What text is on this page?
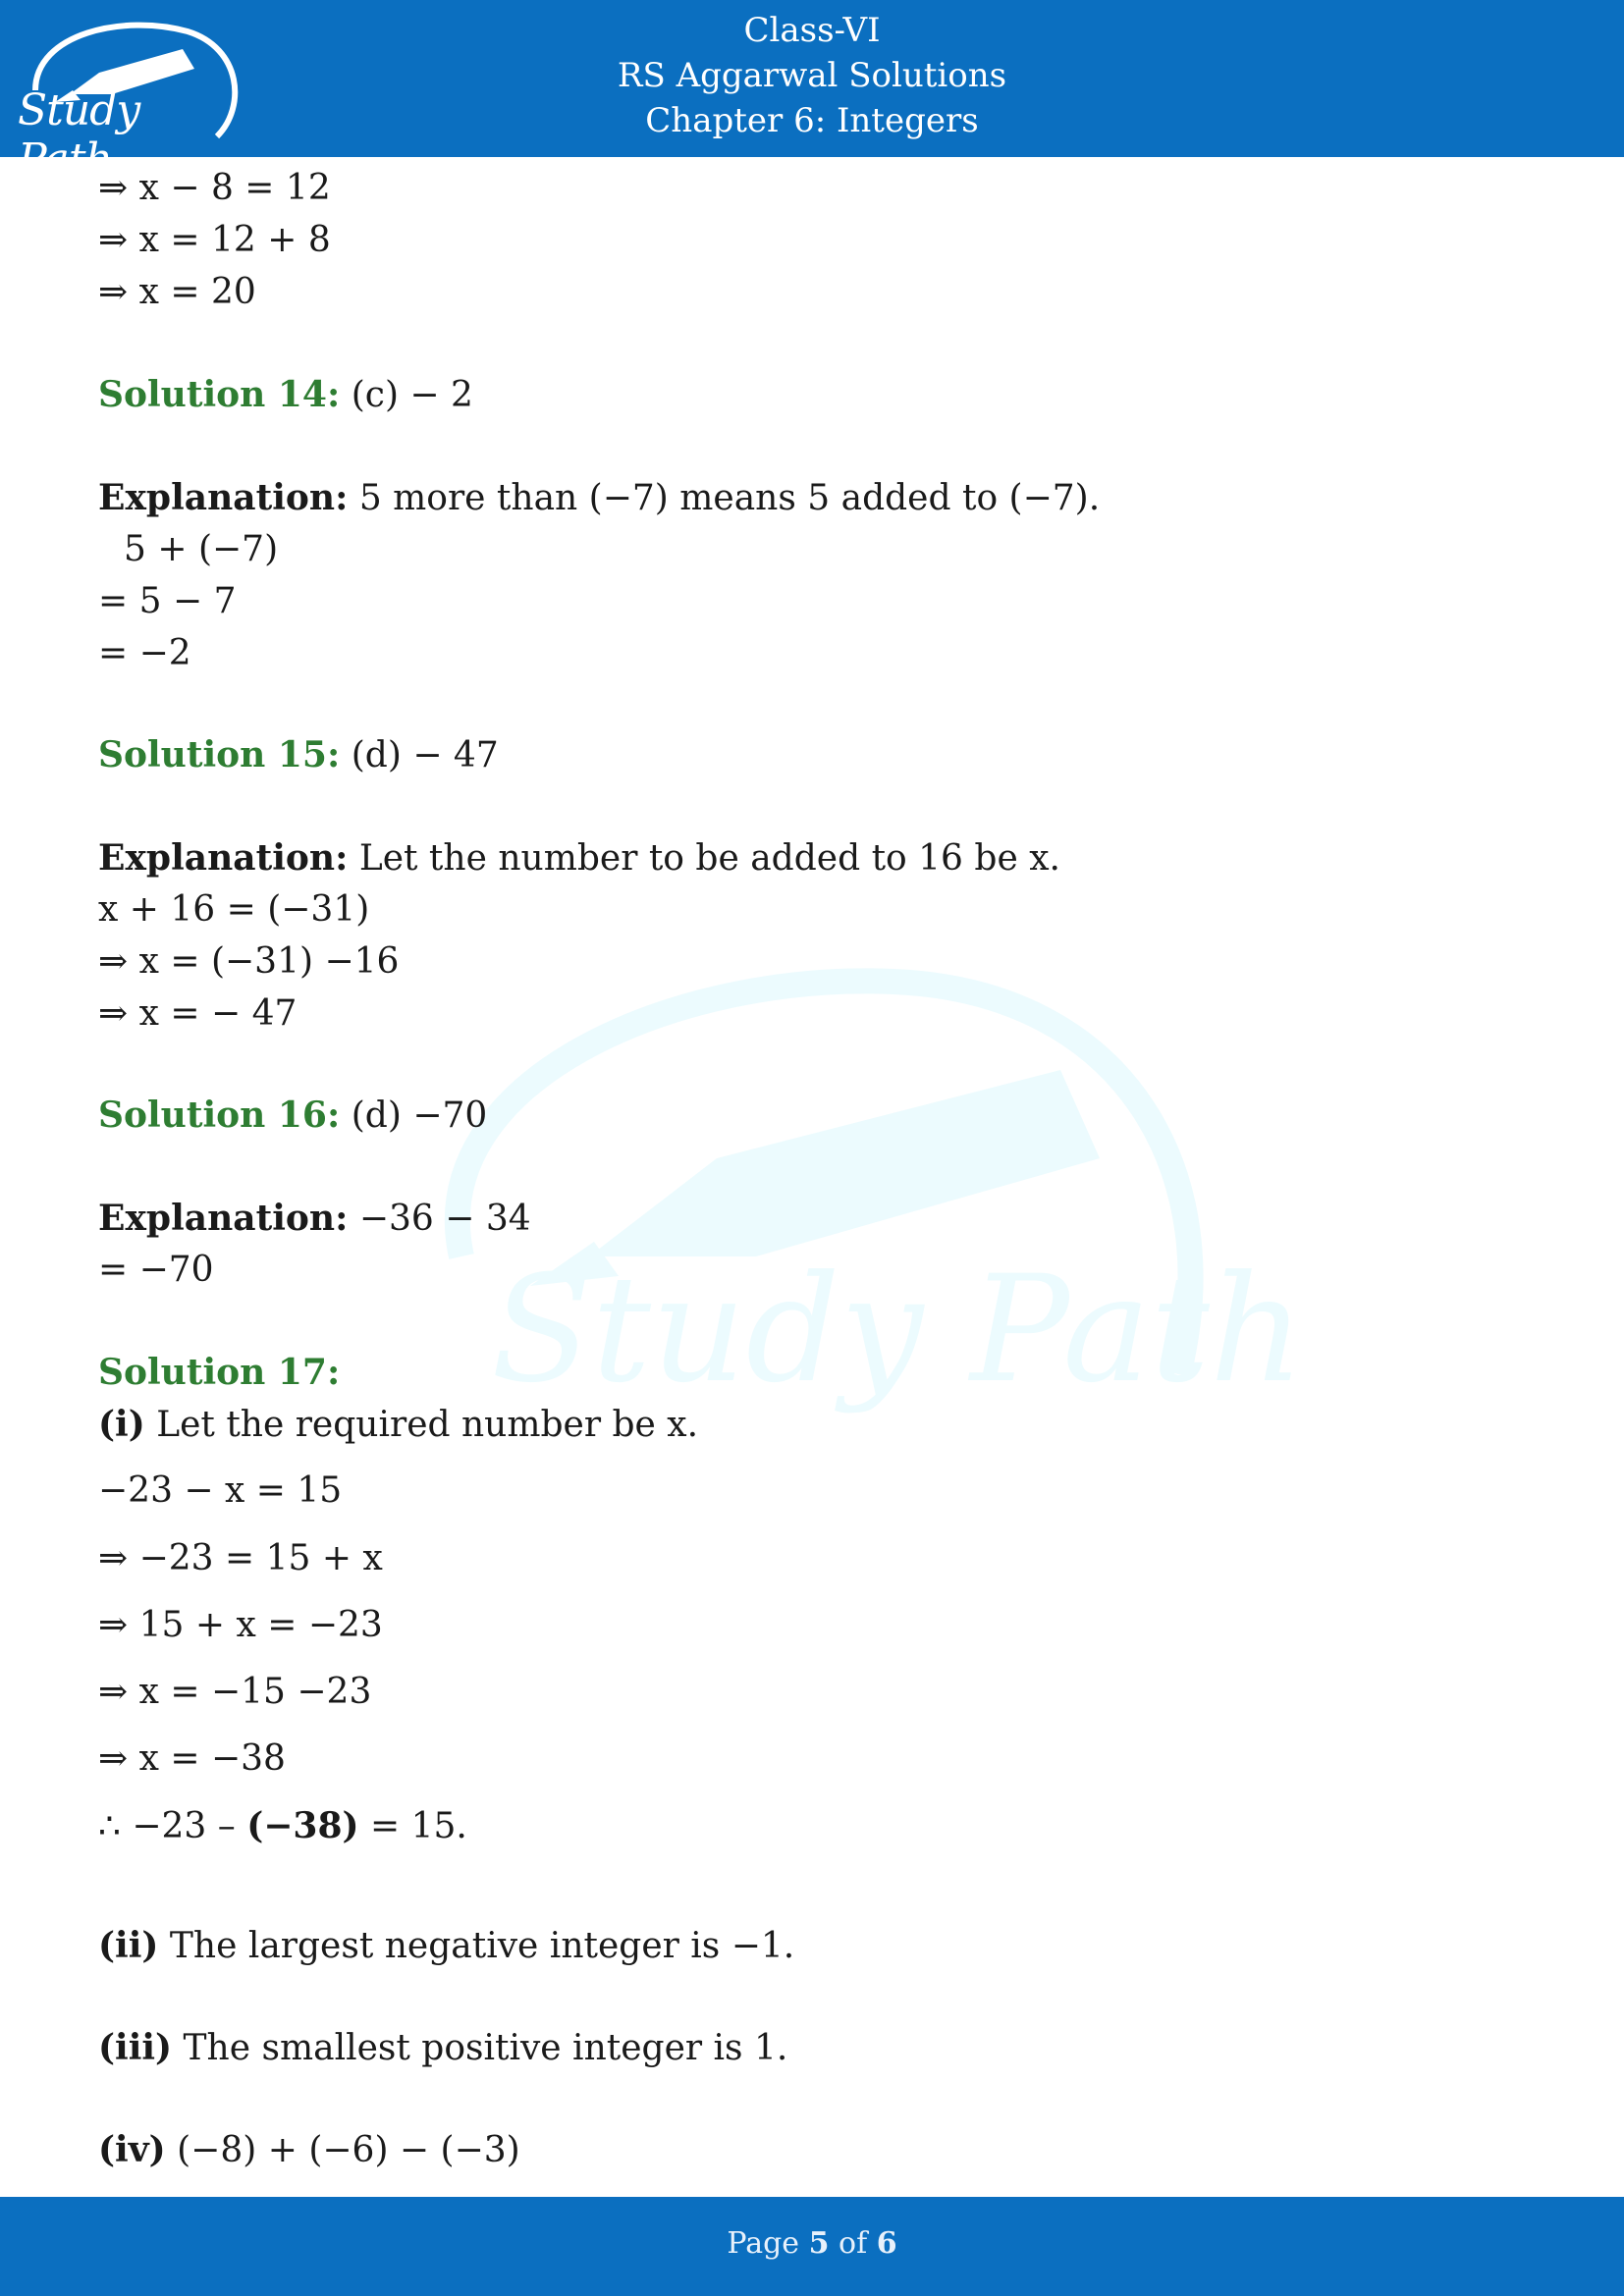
Study Path
Class-VI
RS Aggarwal Solutions
Chapter 6: Integers
Study Path
⇒ x − 8 = 12
⇒ x = 12 + 8
⇒ x = 20
Solution 14: (c) − 2
Explanation: 5 more than (−7) means 5 added to (−7).
5 + (−7)
= 5 − 7
= −2
Solution 15: (d) − 47
Explanation: Let the number to be added to 16 be x.
x + 16 = (−31)
⇒ x = (−31) −16
⇒ x = − 47
Solution 16: (d) −70
Explanation: −36 − 34
= −70
Solution 17:
(i) Let the required number be x.
−23 − x = 15
⇒ −23 = 15 + x
⇒ 15 + x = −23
⇒ x = −15 −23
⇒ x = −38
∴ −23 – (−38) = 15.
(ii) The largest negative integer is −1.
(iii) The smallest positive integer is 1.
(iv) (−8) + (−6) − (−3)
Page 5 of 6
